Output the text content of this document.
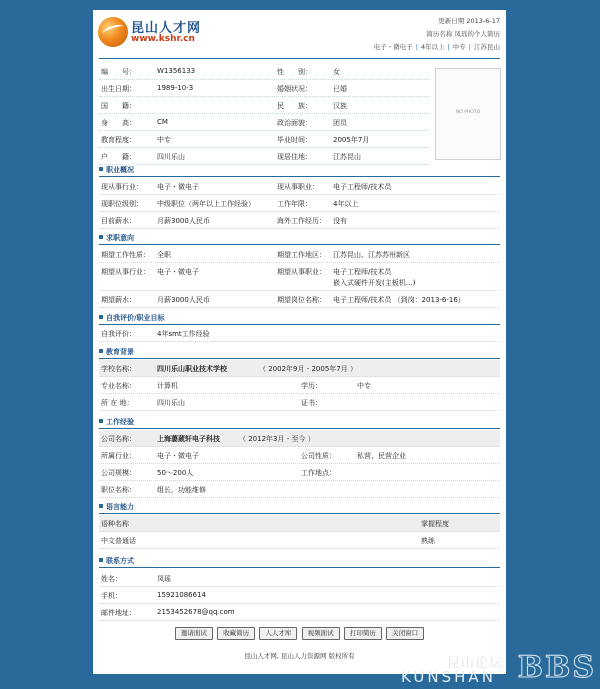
昆山人才网
www.kshr.cn
更新日期 2013-6-17
简历名称 凤瑶的个人简历
电子・微电子 | 4年以上 | 中专 | 江苏昆山
编　　号：	W1356133	性　　别：	女
出生日期：	1989-10-3	婚姻状况：	已婚
国　　籍：	民　　族：	汉族
身　　高：	CM	政治面貌：	团员
教育程度：	中专	毕业时间：	2005年7月
户　　籍：	四川乐山	现居住地：	江苏昆山
NO PHOTO
职业概况
现从事行业： 电子・微电子	现从事职业： 电子工程师/技术员
现职位级别： 中级职位（两年以上工作经验）	工作年限：	4年以上
目前薪水：	月薪3000人民币	海外工作经历： 没有
求职意向
期望工作性质： 全职	期望工作地区： 江苏昆山、江苏苏州新区
期望从事行业： 电子・微电子	期望从事职业： 电子工程师/技术员
嵌入式硬件开发(主板机…)
期望薪水：	月薪3000人民币	期望岗位名称： 电子工程师/技术员 （到岗：2013-6-16）
自我评价/职业目标
自我评价：	4年smt工作经验
教育背景
学校名称：	四川乐山职业技术学校	（ 2002年9月 - 2005年7月 ）
专业名称：	计算机	学历：	中专
所 在 地：	四川乐山	证书：
工作经验
公司名称：	上海萋葳轩电子科技	（ 2012年3月 - 至今 ）
所属行业：	电子・微电子	公司性质：	私营、民营企业
公司规模：	50～200人	工作地点：
职位名称：	组长，功能维修
语言能力
语种名称	掌握程度
中文普通话	熟练
联系方式
姓名：	凤瑶
手机：	15921086614
邮件地址：	2153452678@qq.com
邀请面试 收藏简历 人人才库 视频面试 打印简历 关闭窗口
昆山人才网, 昆山人力资源网 版权所有	昆山论坛
KUNSHAN BBS
